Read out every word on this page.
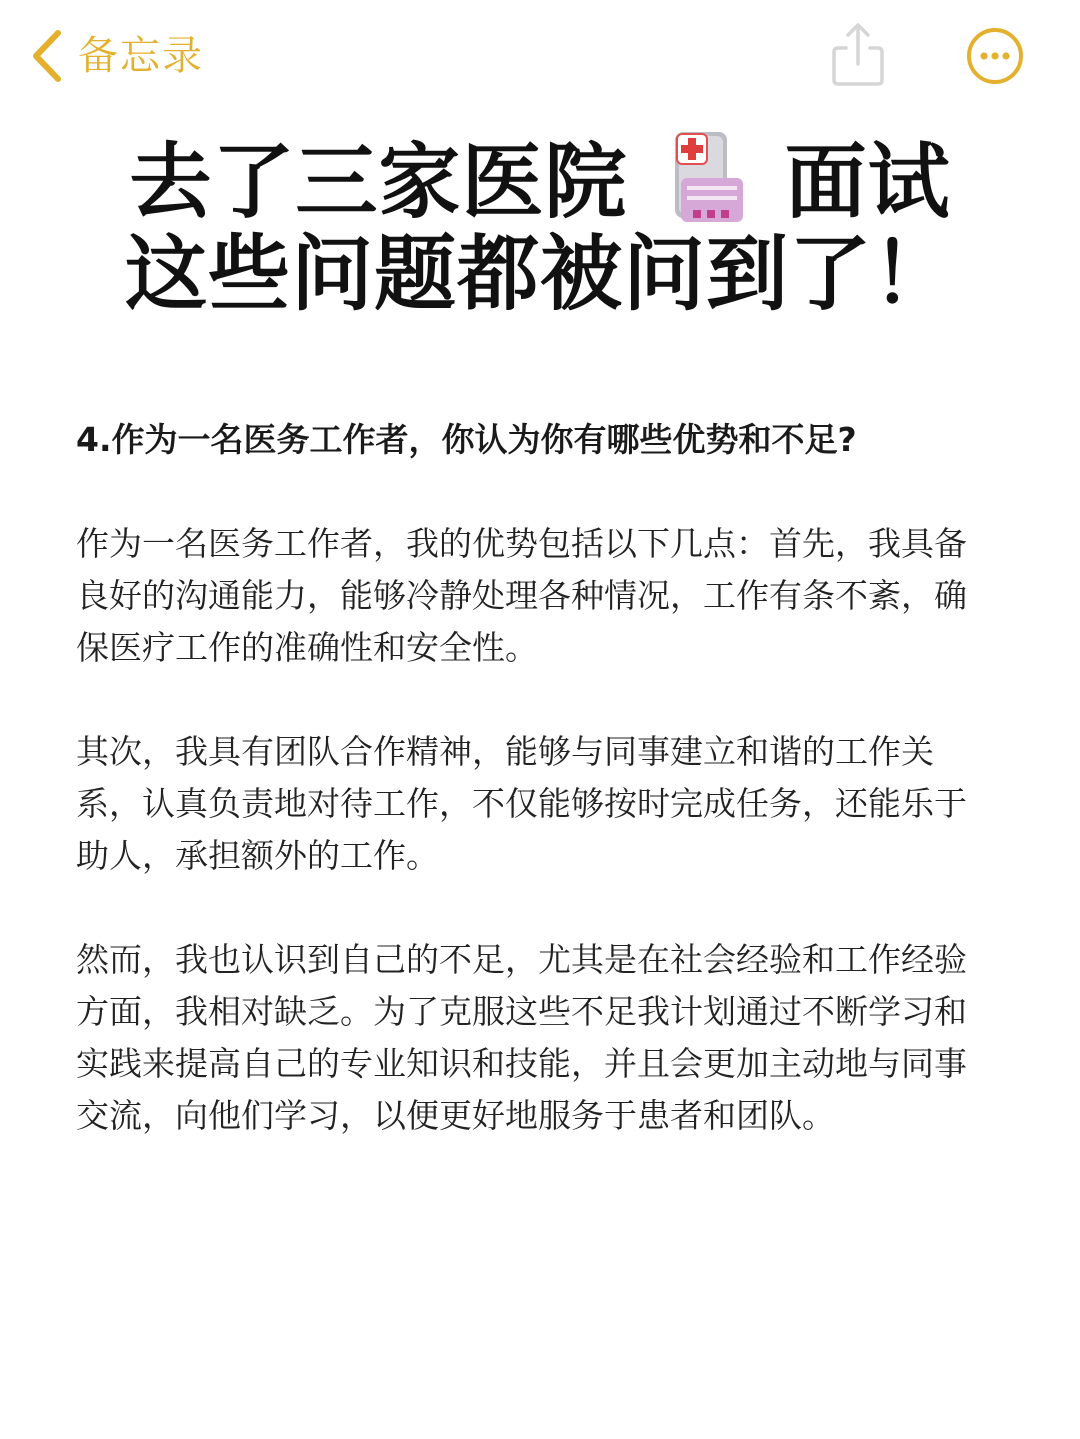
备忘录
去了三家医院 面试
这些问题都被问到了！
4.作为一名医务工作者，你认为你有哪些优势和不足?

作为一名医务工作者，我的优势包括以下几点：首先，我具备良好的沟通能力，能够冷静处理各种情况，工作有条不紊，确保医疗工作的准确性和安全性。

其次，我具有团队合作精神，能够与同事建立和谐的工作关系，认真负责地对待工作，不仅能够按时完成任务，还能乐于助人，承担额外的工作。

然而，我也认识到自己的不足，尤其是在社会经验和工作经验方面，我相对缺乏。为了克服这些不足我计划通过不断学习和实践来提高自己的专业知识和技能，并且会更加主动地与同事交流，向他们学习，以便更好地服务于患者和团队。
